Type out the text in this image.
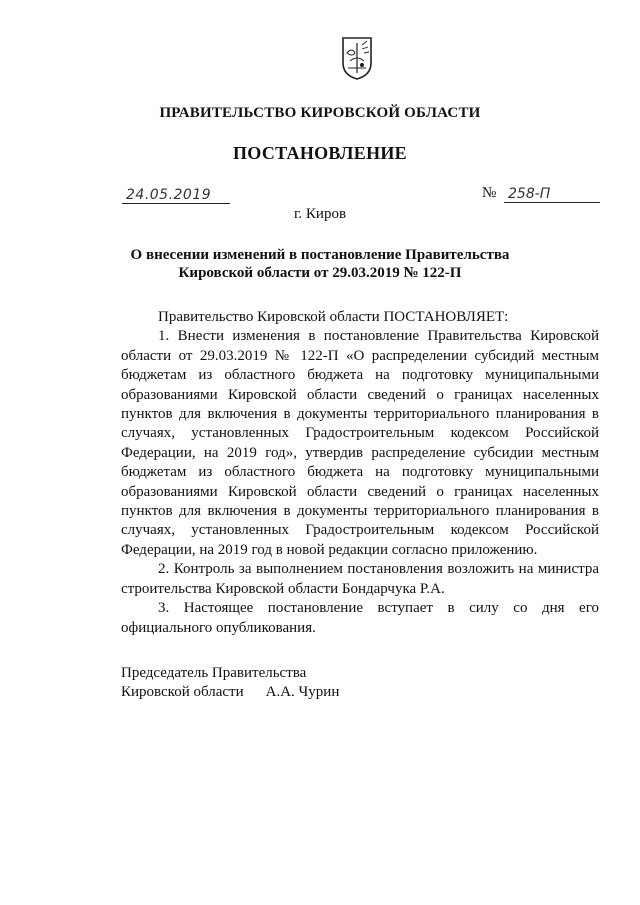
ПРАВИТЕЛЬСТВО КИРОВСКОЙ ОБЛАСТИ
ПОСТАНОВЛЕНИЕ
24.05.2019	№ 258-П
г. Киров
О внесении изменений в постановление Правительства
Кировской области от 29.03.2019 № 122-П

Правительство Кировской области ПОСТАНОВЛЯЕТ:

1. Внести изменения в постановление Правительства Кировской области от 29.03.2019 № 122-П «О распределении субсидий местным бюджетам из областного бюджета на подготовку муниципальными образованиями Кировской области сведений о границах населенных пунктов для включения в документы территориального планирования в случаях, установленных Градостроительным кодексом Российской Федерации, на 2019 год», утвердив распределение субсидии местным бюджетам из областного бюджета на подготовку муниципальными образованиями Кировской области сведений о границах населенных пунктов для включения в документы территориального планирования в случаях, установленных Градостроительным кодексом Российской Федерации, на 2019 год в новой редакции согласно приложению.

2. Контроль за выполнением постановления возложить на министра строительства Кировской области Бондарчука Р.А.

3. Настоящее постановление вступает в силу со дня его официального опубликования.

Председатель Правительства
Кировской области А.А. Чурин
